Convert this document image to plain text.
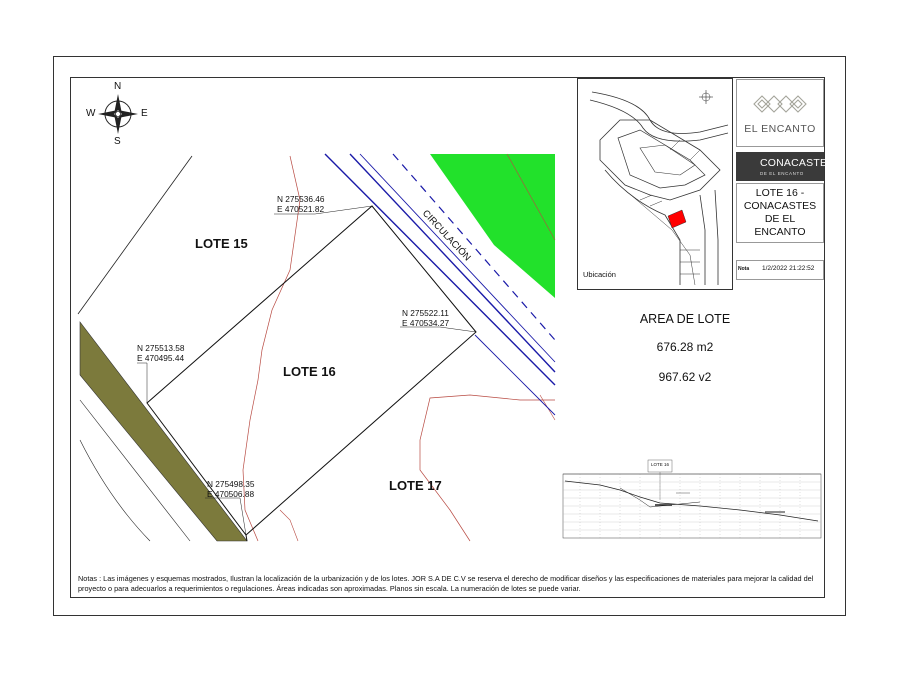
N
S
E
W
LOTE 15
LOTE 16
LOTE 17
CIRCULACIÓN
N 275536.46
E 470521.82
N 275522.11
E 470534.27
N 275513.58
E 470495.44
N 275498.35
E 470506.88
Ubicación
EL ENCANTO
CONACASTES
DE EL ENCANTO
LOTE 16 -
CONACASTES
DE EL
ENCANTO
Nota 1/2/2022 21:22:52
AREA DE LOTE
676.28 m2
967.62 v2
LOTE 16
Notas : Las imágenes y esquemas mostrados, Ilustran la localización de la urbanización y de los lotes. JOR S.A DE C.V se reserva el derecho de modificar diseños y las especificaciones de materiales para mejorar la calidad del proyecto o para adecuarlos a requerimientos o regulaciones. Áreas indicadas son aproximadas. Planos sin escala. La numeración de lotes se puede variar.
